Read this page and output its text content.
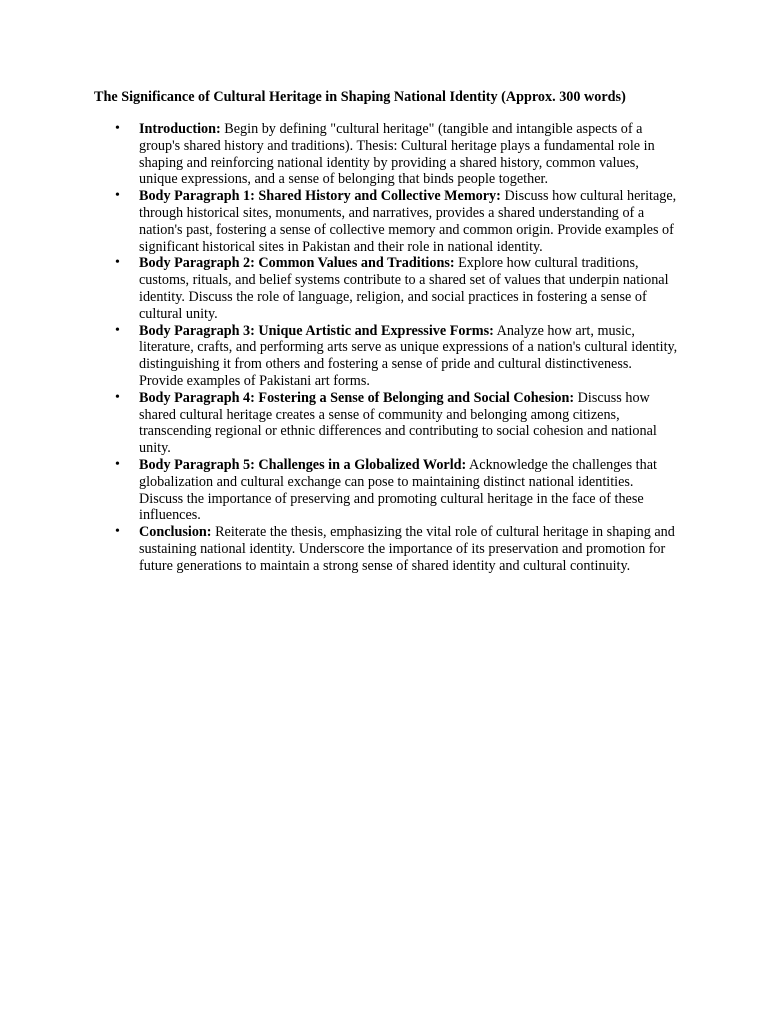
The Significance of Cultural Heritage in Shaping National Identity (Approx. 300 words)
• Introduction: Begin by defining "cultural heritage" (tangible and intangible aspects of a group's shared history and traditions). Thesis: Cultural heritage plays a fundamental role in shaping and reinforcing national identity by providing a shared history, common values, unique expressions, and a sense of belonging that binds people together.
• Body Paragraph 1: Shared History and Collective Memory: Discuss how cultural heritage, through historical sites, monuments, and narratives, provides a shared understanding of a nation's past, fostering a sense of collective memory and common origin. Provide examples of significant historical sites in Pakistan and their role in national identity.
• Body Paragraph 2: Common Values and Traditions: Explore how cultural traditions, customs, rituals, and belief systems contribute to a shared set of values that underpin national identity. Discuss the role of language, religion, and social practices in fostering a sense of cultural unity.
• Body Paragraph 3: Unique Artistic and Expressive Forms: Analyze how art, music, literature, crafts, and performing arts serve as unique expressions of a nation's cultural identity, distinguishing it from others and fostering a sense of pride and cultural distinctiveness. Provide examples of Pakistani art forms.
• Body Paragraph 4: Fostering a Sense of Belonging and Social Cohesion: Discuss how shared cultural heritage creates a sense of community and belonging among citizens, transcending regional or ethnic differences and contributing to social cohesion and national unity.
• Body Paragraph 5: Challenges in a Globalized World: Acknowledge the challenges that globalization and cultural exchange can pose to maintaining distinct national identities. Discuss the importance of preserving and promoting cultural heritage in the face of these influences.
• Conclusion: Reiterate the thesis, emphasizing the vital role of cultural heritage in shaping and sustaining national identity. Underscore the importance of its preservation and promotion for future generations to maintain a strong sense of shared identity and cultural continuity.
